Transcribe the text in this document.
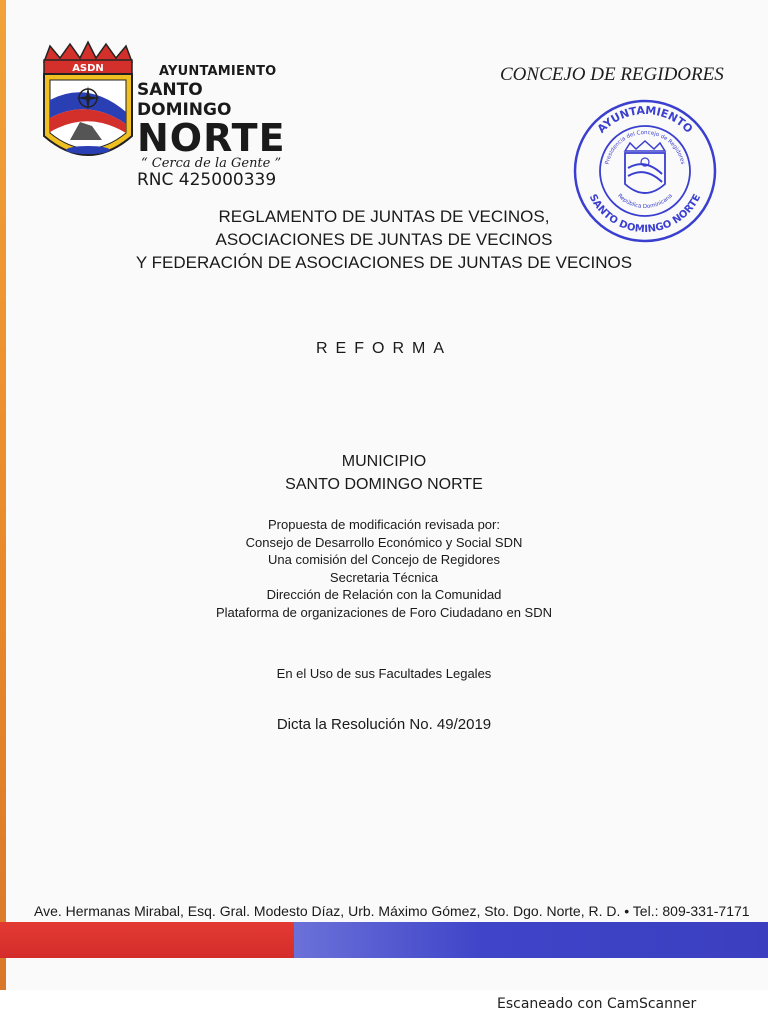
ASDN	AYUNTAMIENTO
SANTO DOMINGO
NORTE
“ Cerca de la Gente ”
RNC 425000339
CONCEJO DE REGIDORES
AYUNTAMIENTO
SANTO DOMINGO NORTE
Presidencia del Concejo de Regidores
República Dominicana
REGLAMENTO DE JUNTAS DE VECINOS,
ASOCIACIONES DE JUNTAS DE VECINOS
Y FEDERACIÓN DE ASOCIACIONES DE JUNTAS DE VECINOS
REFORMA
MUNICIPIO
SANTO DOMINGO NORTE
Propuesta de modificación revisada por:
Consejo de Desarrollo Económico y Social SDN
Una comisión del Concejo de Regidores
Secretaria Técnica
Dirección de Relación con la Comunidad
Plataforma de organizaciones de Foro Ciudadano en SDN
En el Uso de sus Facultades Legales
Dicta la Resolución No. 49/2019
Ave. Hermanas Mirabal, Esq. Gral. Modesto Díaz, Urb. Máximo Gómez, Sto. Dgo. Norte, R. D. • Tel.: 809-331-7171
Escaneado con CamScanner
